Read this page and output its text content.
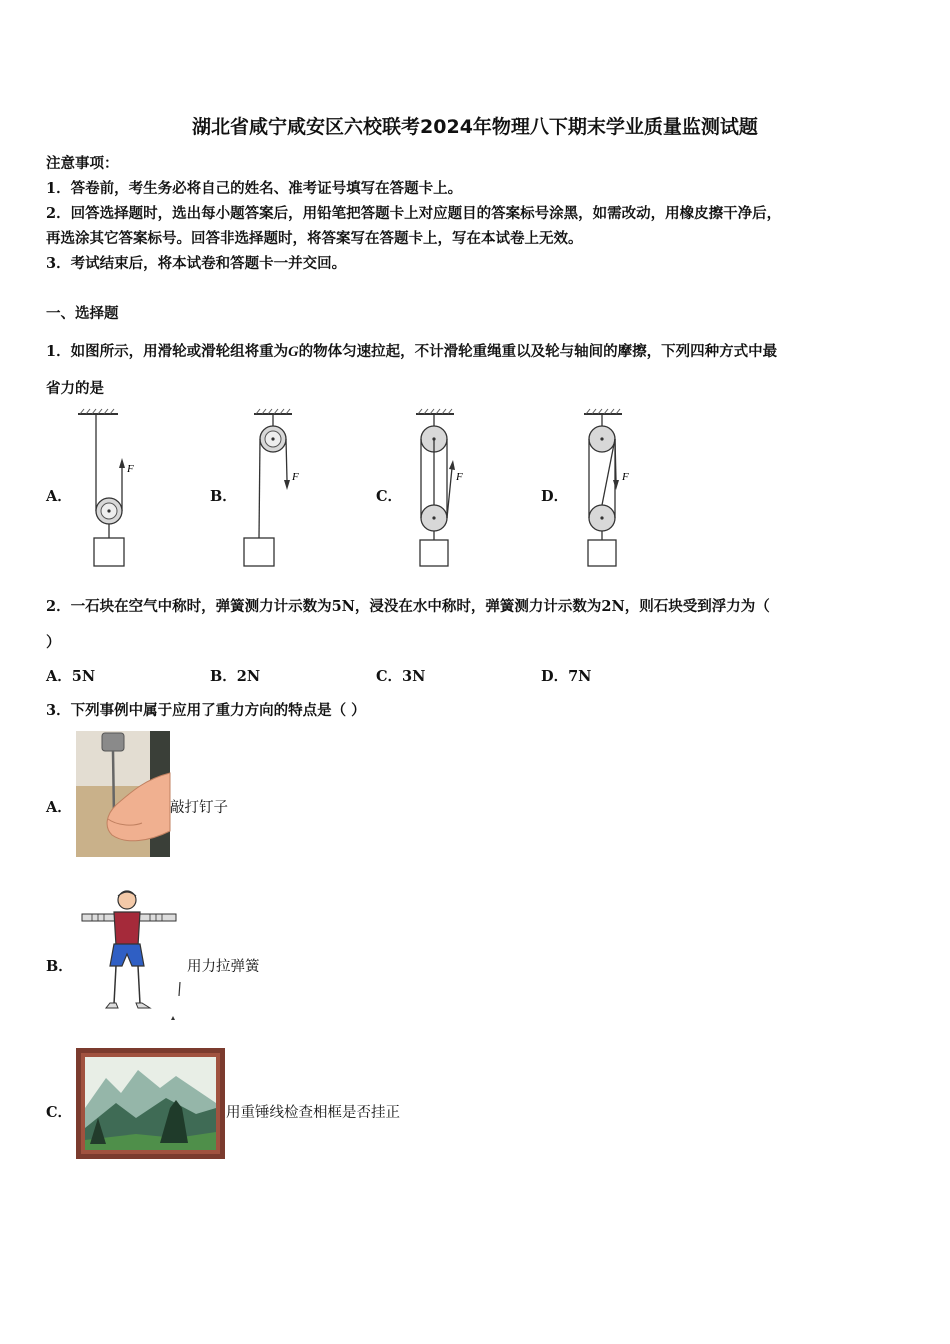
湖北省咸宁咸安区六校联考2024年物理八下期末学业质量监测试题
注意事项：
1．答卷前，考生务必将自己的姓名、准考证号填写在答题卡上。
2．回答选择题时，选出每小题答案后，用铅笔把答题卡上对应题目的答案标号涂黑，如需改动，用橡皮擦干净后，
再选涂其它答案标号。回答非选择题时，将答案写在答题卡上，写在本试卷上无效。
3．考试结束后，将本试卷和答题卡一并交回。
一、选择题
1．如图所示，用滑轮或滑轮组将重为G的物体匀速拉起，不计滑轮重绳重以及轮与轴间的摩擦，下列四种方式中最
省力的是
A．	B．	C．	D．
F
F	F	F
2．一石块在空气中称时，弹簧测力计示数为5N，浸没在水中称时，弹簧测力计示数为2N，则石块受到浮力为（
）
A．5N	B．2N	C．3N	D．7N
3．下列事例中属于应用了重力方向的特点是（ ）
A．	敲打钉子
B．	用力拉弹簧
C．	用重锤线检查相框是否挂正
